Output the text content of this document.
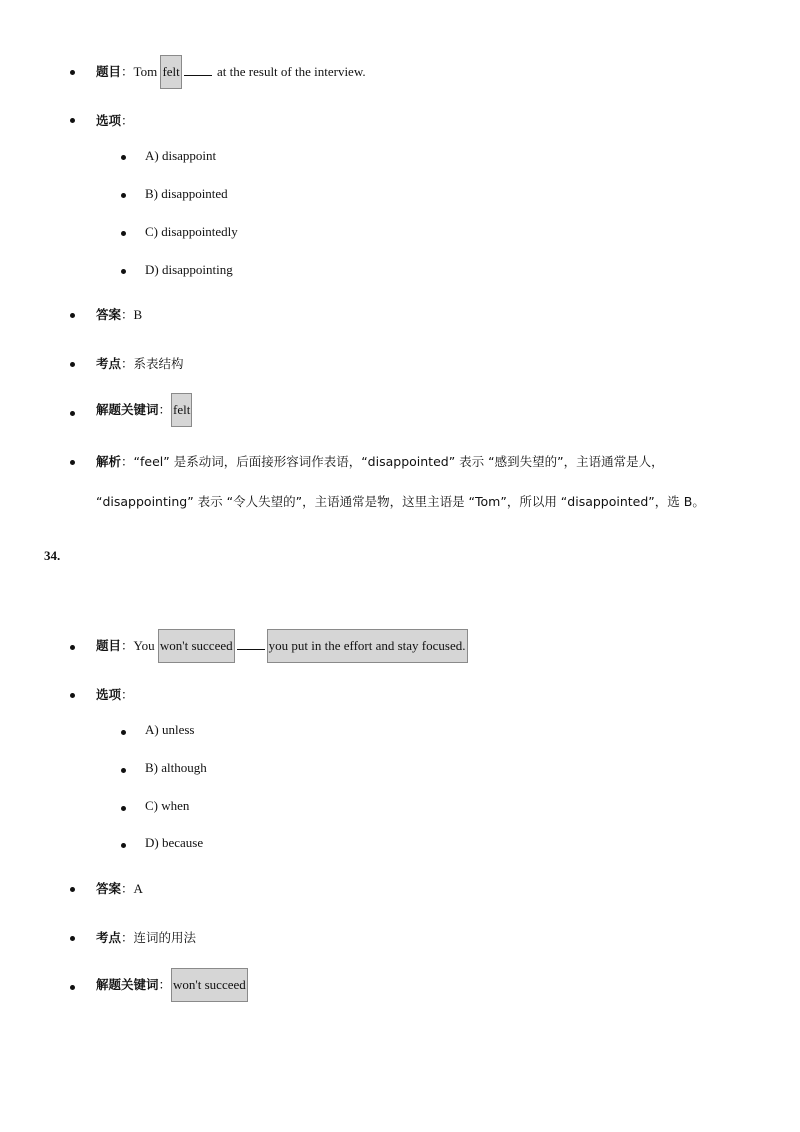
题目：Tom felt	at the result of the interview.
选项：
A) disappoint
B) disappointed
C) disappointedly
D) disappointing
答案：B
考点：系表结构
解题关键词： felt
解析：“feel” 是系动词，后面接形容词作表语，“disappointed” 表示 “感到失望的”，主语通常是人，
“disappointing” 表示 “令人失望的”，主语通常是物，这里主语是 “Tom”，所以用 “disappointed”，选 B。
34.
题目：You won't succeed	you put in the effort and stay focused.
选项：
A) unless
B) although
C) when
D) because
答案：A
考点：连词的用法
解题关键词： won't succeed
